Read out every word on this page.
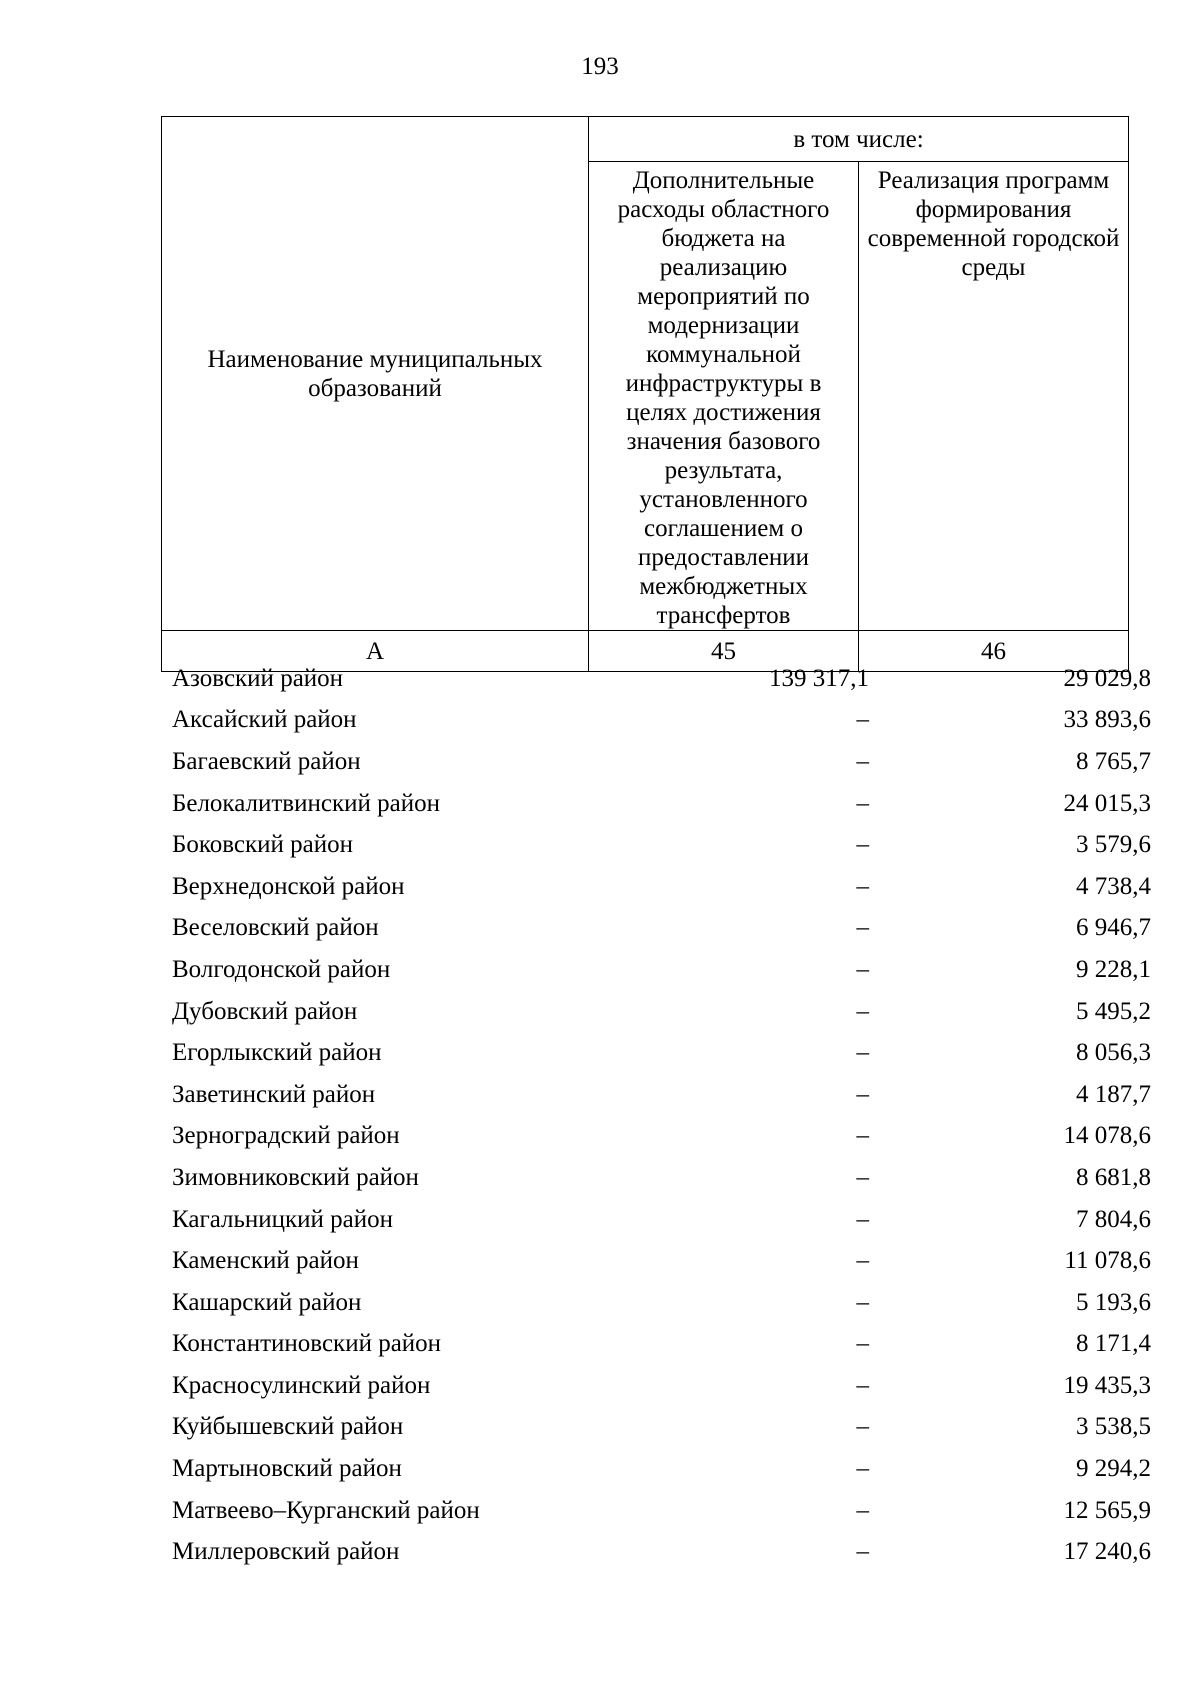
193
Наименование муниципальных образований	в том числе:	
	Дополнительные расходы областного бюджета на реализацию мероприятий по модернизации коммунальной инфраструктуры в целях достижения значения базового результата, установленного соглашением о предоставлении межбюджетных трансфертов	Реализация программ формирования современной городской среды
А	45	46
Азовский район	139 317,1	29 029,8
Аксайский район	–	33 893,6
Багаевский район	–	8 765,7
Белокалитвинский район	–	24 015,3
Боковский район	–	3 579,6
Верхнедонской район	–	4 738,4
Веселовский район	–	6 946,7
Волгодонской район	–	9 228,1
Дубовский район	–	5 495,2
Егорлыкский район	–	8 056,3
Заветинский район	–	4 187,7
Зерноградский район	–	14 078,6
Зимовниковский район	–	8 681,8
Кагальницкий район	–	7 804,6
Каменский район	–	11 078,6
Кашарский район	–	5 193,6
Константиновский район	–	8 171,4
Красносулинский район	–	19 435,3
Куйбышевский район	–	3 538,5
Мартыновский район	–	9 294,2
Матвеево–Курганский район	–	12 565,9
Миллеровский район	–	17 240,6
